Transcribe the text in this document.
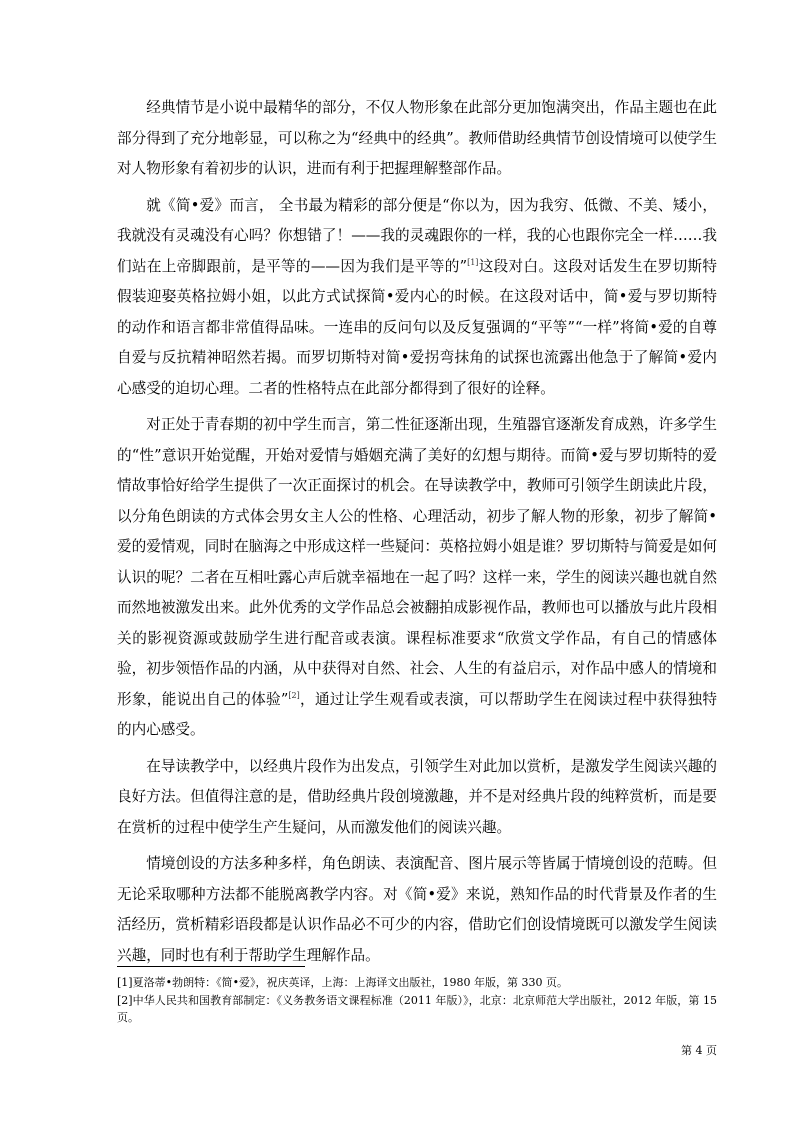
经典情节是小说中最精华的部分，不仅人物形象在此部分更加饱满突出，作品主题也在此部分得到了充分地彰显，可以称之为“经典中的经典”。教师借助经典情节创设情境可以使学生对人物形象有着初步的认识，进而有利于把握理解整部作品。

就《简•爱》而言， 全书最为精彩的部分便是“你以为，因为我穷、低微、不美、矮小，我就没有灵魂没有心吗？你想错了！——我的灵魂跟你的一样，我的心也跟你完全一样……我们站在上帝脚跟前，是平等的——因为我们是平等的”[1]这段对白。这段对话发生在罗切斯特假装迎娶英格拉姆小姐，以此方式试探简•爱内心的时候。在这段对话中，简•爱与罗切斯特的动作和语言都非常值得品味。一连串的反问句以及反复强调的“平等”“一样”将简•爱的自尊自爱与反抗精神昭然若揭。而罗切斯特对简•爱拐弯抹角的试探也流露出他急于了解简•爱内心感受的迫切心理。二者的性格特点在此部分都得到了很好的诠释。

对正处于青春期的初中学生而言，第二性征逐渐出现，生殖器官逐渐发育成熟，许多学生的“性”意识开始觉醒，开始对爱情与婚姻充满了美好的幻想与期待。而简•爱与罗切斯特的爱情故事恰好给学生提供了一次正面探讨的机会。在导读教学中，教师可引领学生朗读此片段，以分角色朗读的方式体会男女主人公的性格、心理活动，初步了解人物的形象，初步了解简•爱的爱情观，同时在脑海之中形成这样一些疑问：英格拉姆小姐是谁？罗切斯特与简爱是如何认识的呢？二者在互相吐露心声后就幸福地在一起了吗？这样一来，学生的阅读兴趣也就自然而然地被激发出来。此外优秀的文学作品总会被翻拍成影视作品，教师也可以播放与此片段相关的影视资源或鼓励学生进行配音或表演。课程标准要求“欣赏文学作品，有自己的情感体验，初步领悟作品的内涵，从中获得对自然、社会、人生的有益启示，对作品中感人的情境和形象，能说出自己的体验”[2]，通过让学生观看或表演，可以帮助学生在阅读过程中获得独特的内心感受。

在导读教学中，以经典片段作为出发点，引领学生对此加以赏析，是激发学生阅读兴趣的良好方法。但值得注意的是，借助经典片段创境激趣，并不是对经典片段的纯粹赏析，而是要在赏析的过程中使学生产生疑问，从而激发他们的阅读兴趣。

情境创设的方法多种多样，角色朗读、表演配音、图片展示等皆属于情境创设的范畴。但无论采取哪种方法都不能脱离教学内容。对《简•爱》来说，熟知作品的时代背景及作者的生活经历，赏析精彩语段都是认识作品必不可少的内容，借助它们创设情境既可以激发学生阅读兴趣，同时也有利于帮助学生理解作品。

[1]夏洛蒂•勃朗特：《简•爱》，祝庆英译，上海：上海译文出版社，1980 年版，第 330 页。

[2]中华人民共和国教育部制定：《义务教务语文课程标准（2011 年版）》，北京：北京师范大学出版社，2012 年版，第 15 页。

第 4 页
